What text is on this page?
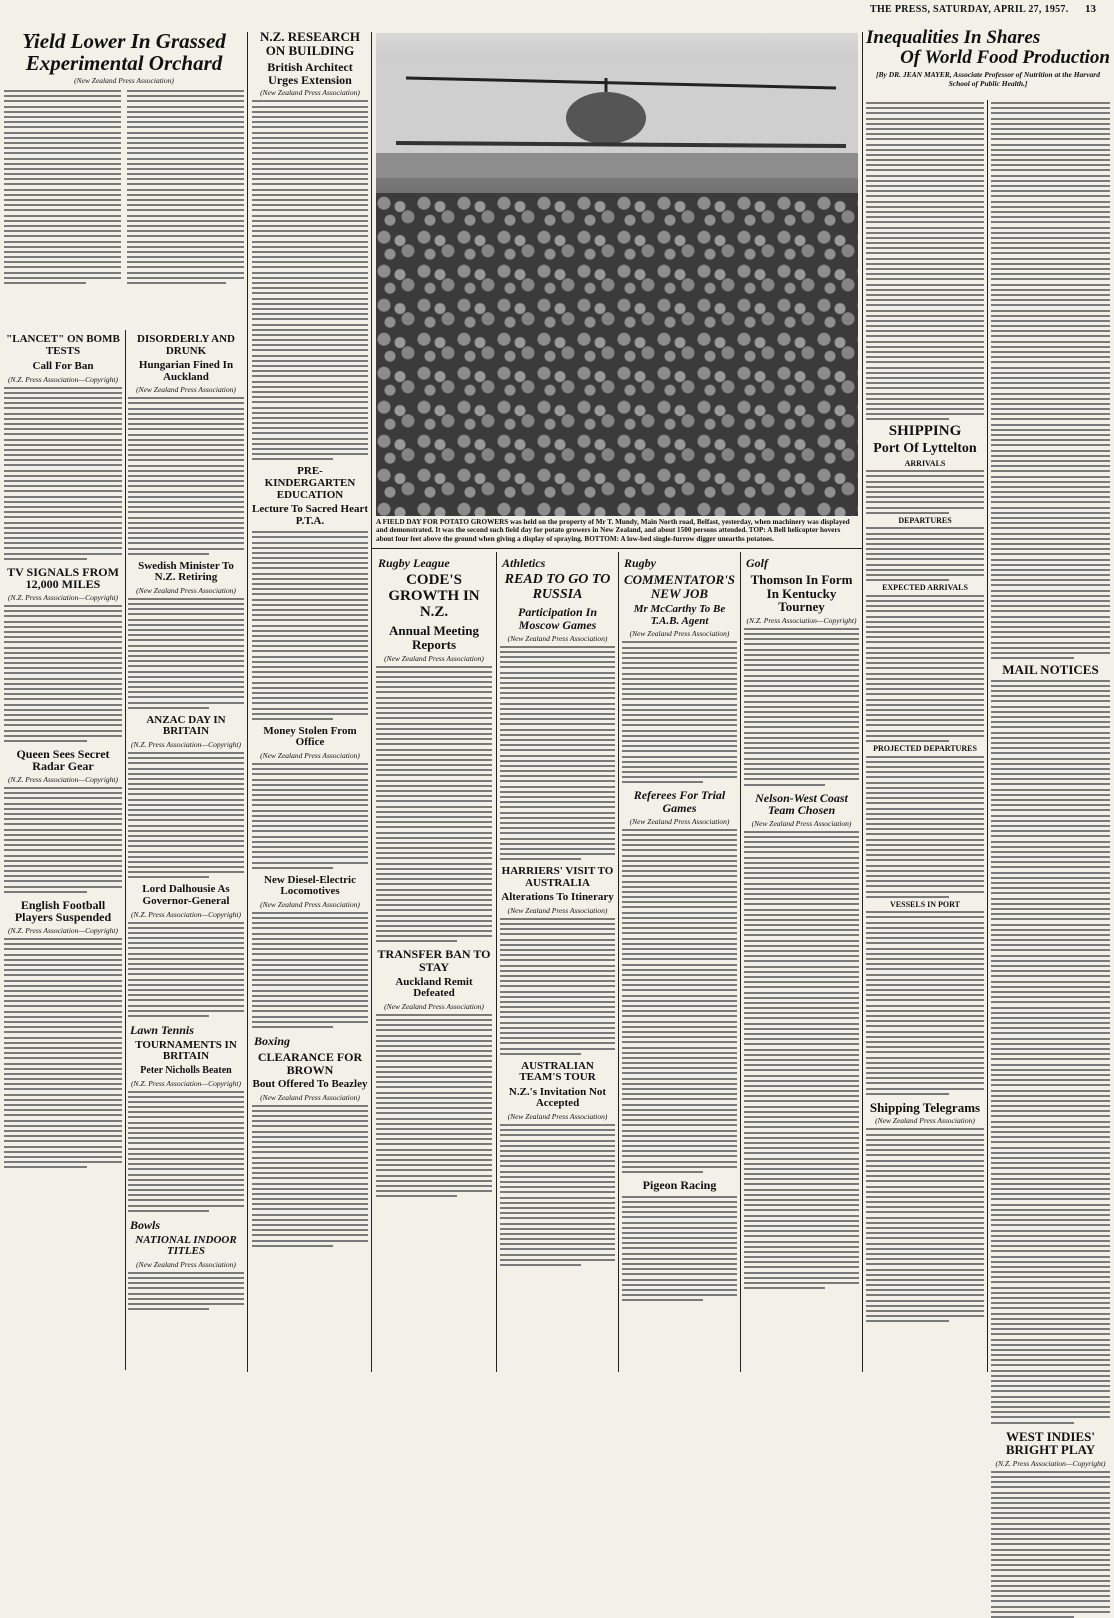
THE PRESS, SATURDAY, APRIL 27, 1957. 13
Yield Lower In Grassed
Experimental Orchard
(New Zealand Press Association)
"LANCET" ON BOMB TESTS
Call For Ban
(N.Z. Press Association—Copyright)
TV SIGNALS FROM 12,000 MILES
(N.Z. Press Association—Copyright)
Queen Sees Secret Radar Gear
(N.Z. Press Association—Copyright)
English Football Players Suspended
(N.Z. Press Association—Copyright)
DISORDERLY AND DRUNK
Hungarian Fined In Auckland
(New Zealand Press Association)
Swedish Minister To N.Z. Retiring
(New Zealand Press Association)
ANZAC DAY IN BRITAIN
(N.Z. Press Association—Copyright)
Lord Dalhousie As Governor-General
(N.Z. Press Association—Copyright)
Lawn Tennis
TOURNAMENTS IN BRITAIN
Peter Nicholls Beaten
(N.Z. Press Association—Copyright)
Bowls
NATIONAL INDOOR TITLES
(New Zealand Press Association)
N.Z. RESEARCH ON BUILDING
British Architect Urges Extension
(New Zealand Press Association)
PRE-KINDERGARTEN EDUCATION
Lecture To Sacred Heart P.T.A.
Money Stolen From Office
(New Zealand Press Association)
New Diesel-Electric Locomotives
(New Zealand Press Association)
Boxing
CLEARANCE FOR BROWN
Bout Offered To Beazley
(New Zealand Press Association)
A FIELD DAY FOR POTATO GROWERS was held on the property of Mr T. Mundy, Main North road, Belfast, yesterday, when machinery was displayed and demonstrated. It was the second such field day for potato growers in New Zealand, and about 1500 persons attended. TOP: A Bell helicopter hovers about four feet above the ground when giving a display of spraying. BOTTOM: A low-bed single-furrow digger unearths potatoes.
Rugby League
CODE'S GROWTH IN N.Z.
Annual Meeting Reports
(New Zealand Press Association)
TRANSFER BAN TO STAY
Auckland Remit Defeated
(New Zealand Press Association)
Athletics
READ TO GO TO RUSSIA
Participation In Moscow Games
(New Zealand Press Association)
HARRIERS' VISIT TO AUSTRALIA
Alterations To Itinerary
(New Zealand Press Association)
AUSTRALIAN TEAM'S TOUR
N.Z.'s Invitation Not Accepted
(New Zealand Press Association)
Rugby
COMMENTATOR'S NEW JOB
Mr McCarthy To Be T.A.B. Agent
(New Zealand Press Association)
Referees For Trial Games
(New Zealand Press Association)
Pigeon Racing
Golf
Thomson In Form In Kentucky Tourney
(N.Z. Press Association—Copyright)
Nelson-West Coast Team Chosen
(New Zealand Press Association)
Inequalities In Shares
Of World Food Production
[By DR. JEAN MAYER, Associate Professor of Nutrition at the Harvard School of Public Health.]
SHIPPING
Port Of Lyttelton
ARRIVALS
DEPARTURES
EXPECTED ARRIVALS
PROJECTED DEPARTURES
VESSELS IN PORT
Shipping Telegrams
(New Zealand Press Association)
MAIL NOTICES
WEST INDIES' BRIGHT PLAY
(N.Z. Press Association—Copyright)
